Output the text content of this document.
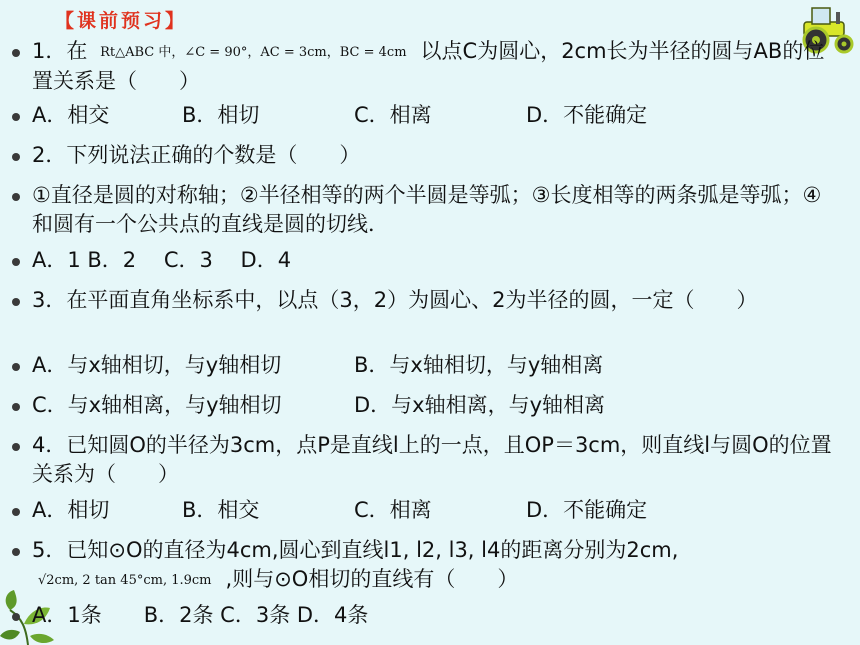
【课前预习】
1．在 Rt△ABC 中，∠C = 90°，AC = 3cm，BC = 4cm 以点C为圆心，2cm长为半径的圆与AB的位置关系是（　　）
A．相交	B．相切	C．相离	D．不能确定
2．下列说法正确的个数是（　　）
①直径是圆的对称轴；②半径相等的两个半圆是等弧；③长度相等的两条弧是等弧；④和圆有一个公共点的直线是圆的切线．
A．1 B．2　 C．3　 D．4
3．在平面直角坐标系中，以点（3，2）为圆心、2为半径的圆，一定（　　）
A．与x轴相切，与y轴相切	B．与x轴相切，与y轴相离
C．与x轴相离，与y轴相切	D．与x轴相离，与y轴相离
4．已知圆O的半径为3cm，点P是直线l上的一点，且OP＝3cm，则直线l与圆O的位置关系为（　　）
A．相切	B．相交	C．相离	D．不能确定
5．已知⊙O的直径为4cm,圆心到直线l1, l2, l3, l4的距离分别为2cm, √2cm, 2 tan 45°cm, 1.9cm ,则与⊙O相切的直线有（　　）
A．1条　　B．2条 C．3条 D．4条
